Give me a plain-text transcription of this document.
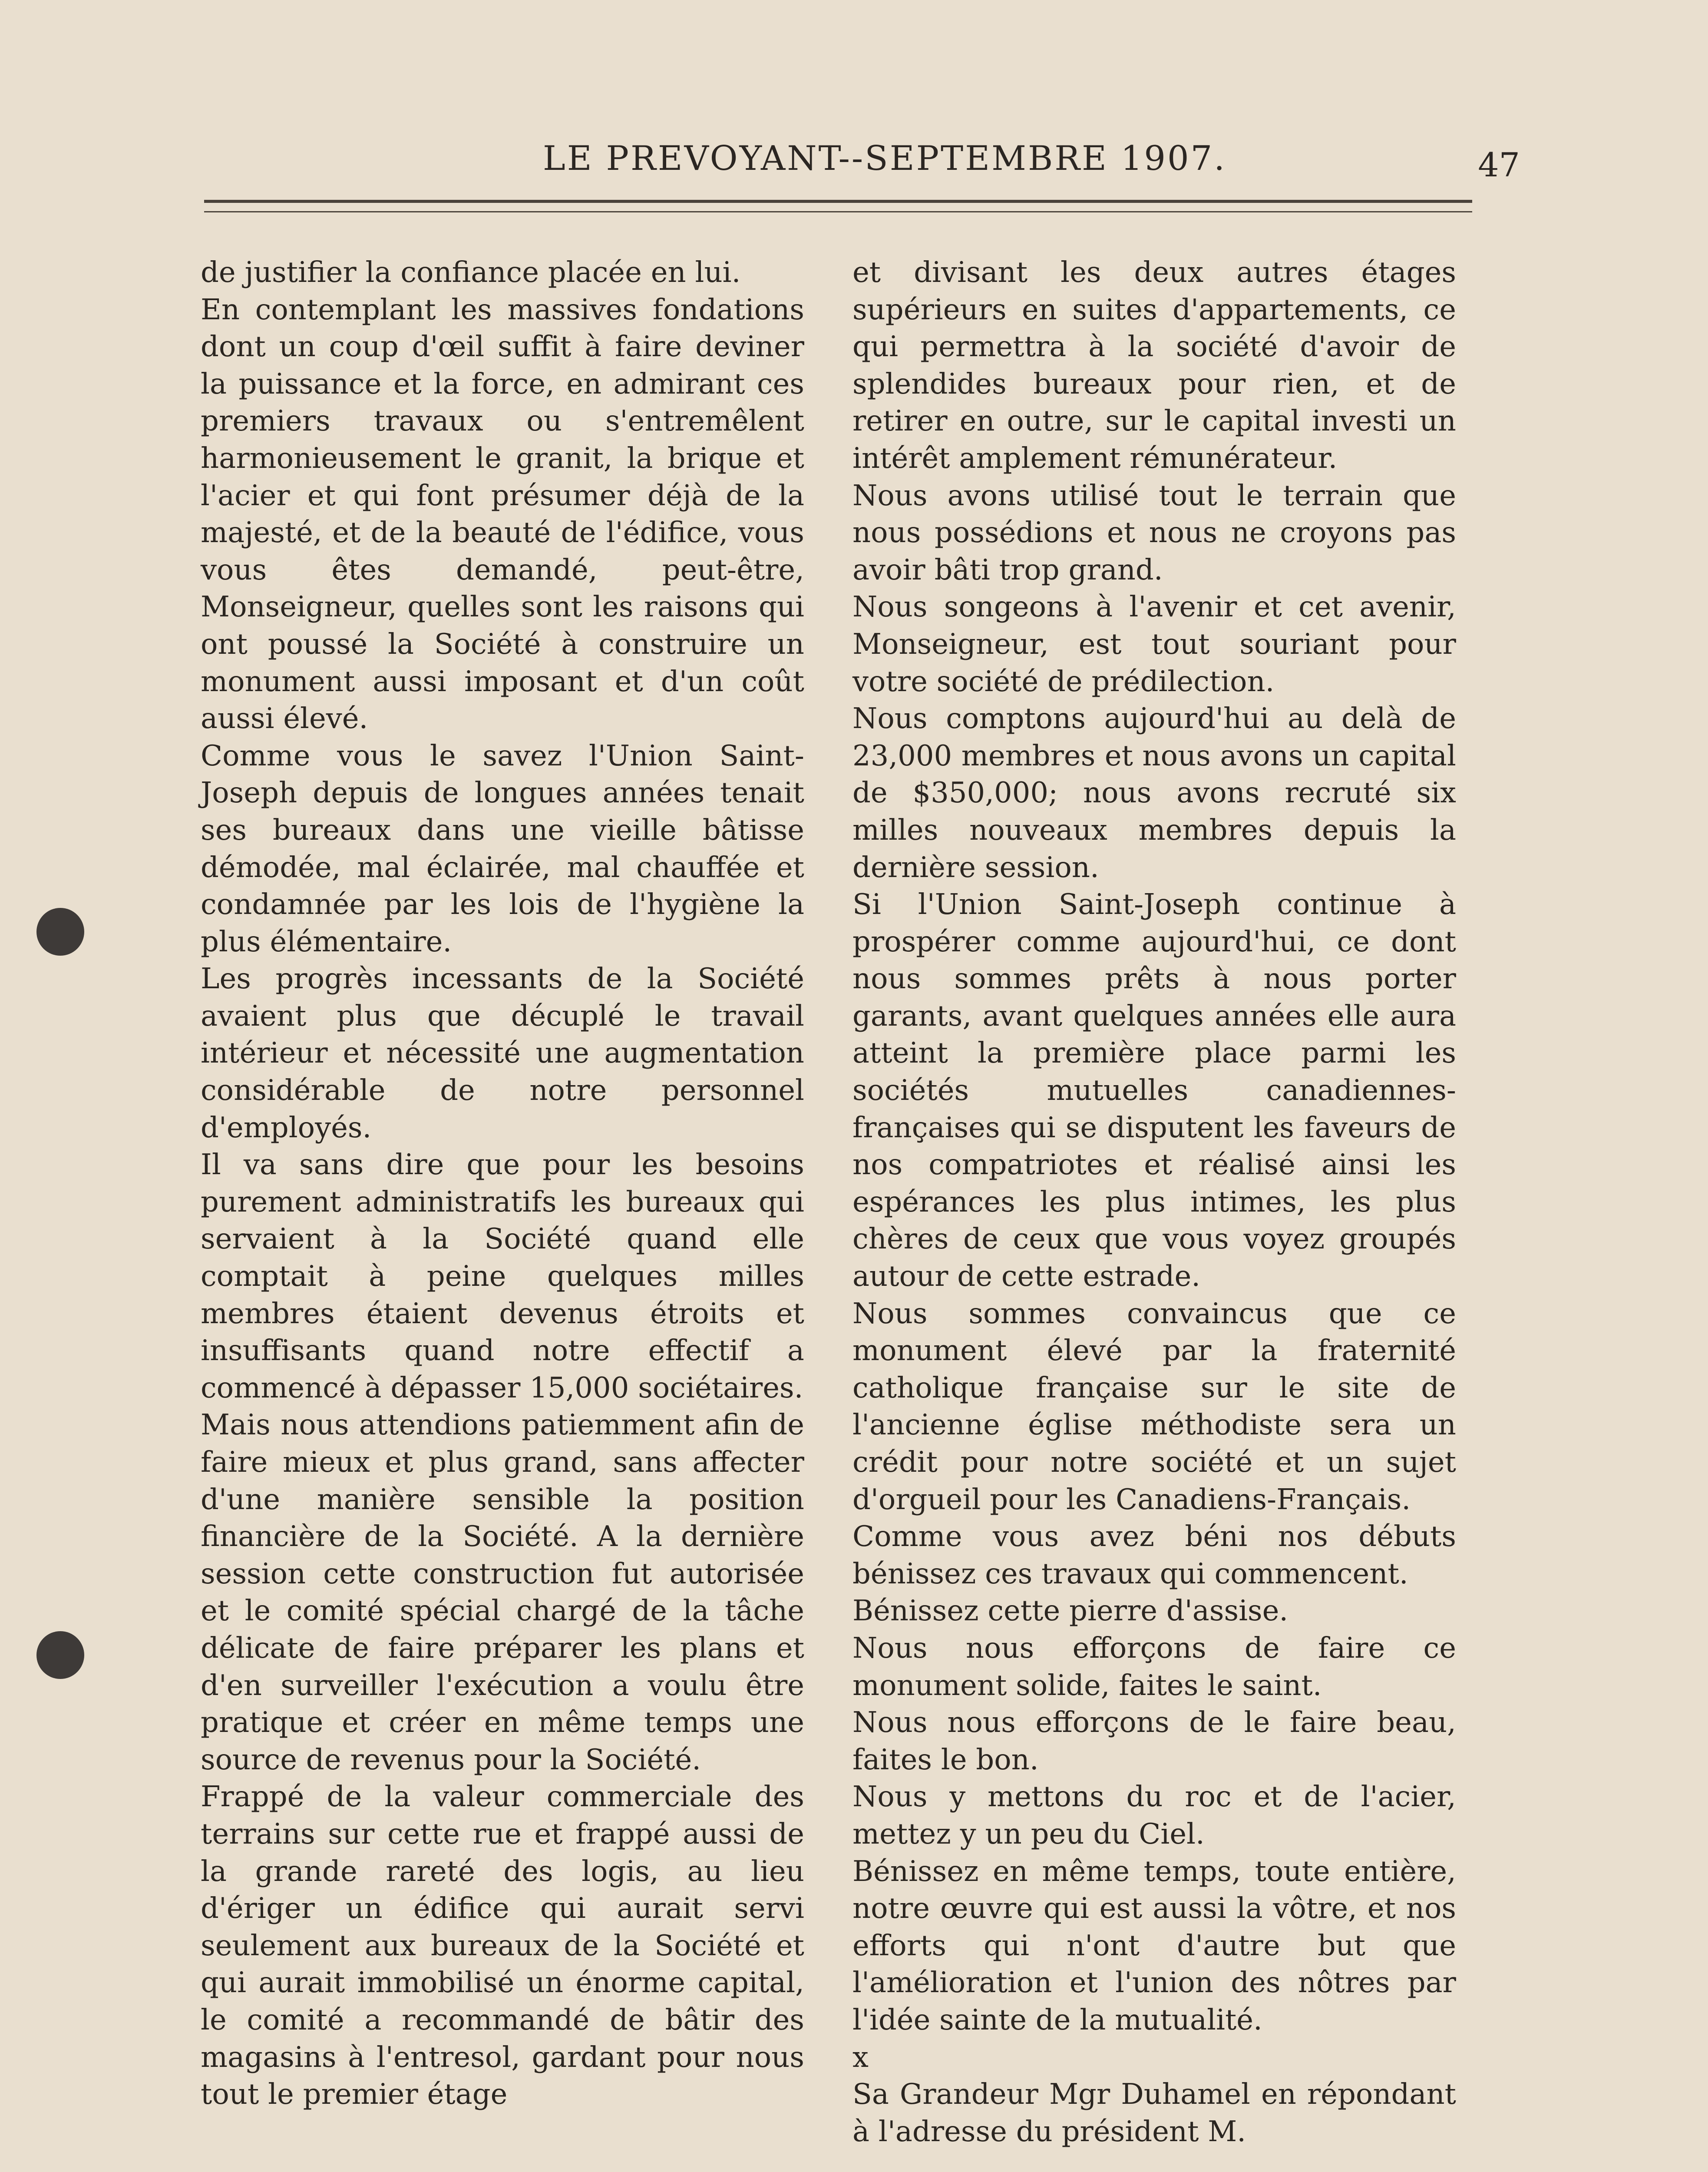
LE PREVOYANT--SEPTEMBRE 1907.	47
de justifier la confiance placée en lui.
En contemplant les massives fondations dont un coup d'œil suffit à faire deviner la puissance et la force, en admirant ces premiers travaux ou s'entremêlent harmonieusement le granit, la brique et l'acier et qui font présumer déjà de la majesté, et de la beauté de l'édifice, vous vous êtes demandé, peut-être, Monseigneur, quelles sont les raisons qui ont poussé la Société à construire un monument aussi imposant et d'un coût aussi élevé.
Comme vous le savez l'Union Saint-Joseph depuis de longues années tenait ses bureaux dans une vieille bâtisse démodée, mal éclairée, mal chauffée et condamnée par les lois de l'hygiène la plus élémentaire.
Les progrès incessants de la Société avaient plus que décuplé le travail intérieur et nécessité une augmentation considérable de notre personnel d'employés.
Il va sans dire que pour les besoins purement administratifs les bureaux qui servaient à la Société quand elle comptait à peine quelques milles membres étaient devenus étroits et insuffisants quand notre effectif a commencé à dépasser 15,000 sociétaires.
Mais nous attendions patiemment afin de faire mieux et plus grand, sans affecter d'une manière sensible la position financière de la Société. A la dernière session cette construction fut autorisée et le comité spécial chargé de la tâche délicate de faire préparer les plans et d'en surveiller l'exécution a voulu être pratique et créer en même temps une source de revenus pour la Société.
Frappé de la valeur commerciale des terrains sur cette rue et frappé aussi de la grande rareté des logis, au lieu d'ériger un édifice qui aurait servi seulement aux bureaux de la Société et qui aurait immobilisé un énorme capital, le comité a recommandé de bâtir des magasins à l'entresol, gardant pour nous tout le premier étage
et divisant les deux autres étages supérieurs en suites d'appartements, ce qui permettra à la société d'avoir de splendides bureaux pour rien, et de retirer en outre, sur le capital investi un intérêt amplement rémunérateur.
Nous avons utilisé tout le terrain que nous possédions et nous ne croyons pas avoir bâti trop grand.
Nous songeons à l'avenir et cet avenir, Monseigneur, est tout souriant pour votre société de prédilection.
Nous comptons aujourd'hui au delà de 23,000 membres et nous avons un capital de $350,000; nous avons recruté six milles nouveaux membres depuis la dernière session.
Si l'Union Saint-Joseph continue à prospérer comme aujourd'hui, ce dont nous sommes prêts à nous porter garants, avant quelques années elle aura atteint la première place parmi les sociétés mutuelles canadiennes-françaises qui se disputent les faveurs de nos compatriotes et réalisé ainsi les espérances les plus intimes, les plus chères de ceux que vous voyez groupés autour de cette estrade.
Nous sommes convaincus que ce monument élevé par la fraternité catholique française sur le site de l'ancienne église méthodiste sera un crédit pour notre société et un sujet d'orgueil pour les Canadiens-Français.
Comme vous avez béni nos débuts bénissez ces travaux qui commencent.
Bénissez cette pierre d'assise.
Nous nous efforçons de faire ce monument solide, faites le saint.
Nous nous efforçons de le faire beau, faites le bon.
Nous y mettons du roc et de l'acier, mettez y un peu du Ciel.
Bénissez en même temps, toute entière, notre œuvre qui est aussi la vôtre, et nos efforts qui n'ont d'autre but que l'amélioration et l'union des nôtres par l'idée sainte de la mutualité.
x
Sa Grandeur Mgr Duhamel en répondant à l'adresse du président M.
